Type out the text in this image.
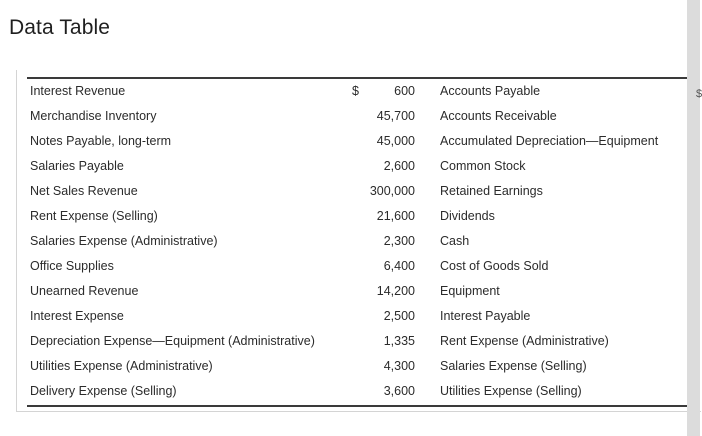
Data Table
$
Interest Revenue	$	600 Accounts Payable
Merchandise Inventory	45,700 Accounts Receivable
Notes Payable, long-term	45,000 Accumulated Depreciation—Equipment
Salaries Payable	2,600 Common Stock
Net Sales Revenue	300,000 Retained Earnings
Rent Expense (Selling)	21,600 Dividends
Salaries Expense (Administrative)	2,300 Cash
Office Supplies	6,400 Cost of Goods Sold
Unearned Revenue	14,200 Equipment
Interest Expense	2,500 Interest Payable
Depreciation Expense—Equipment (Administrative)	1,335 Rent Expense (Administrative)
Utilities Expense (Administrative)	4,300 Salaries Expense (Selling)
Delivery Expense (Selling)	3,600 Utilities Expense (Selling)
